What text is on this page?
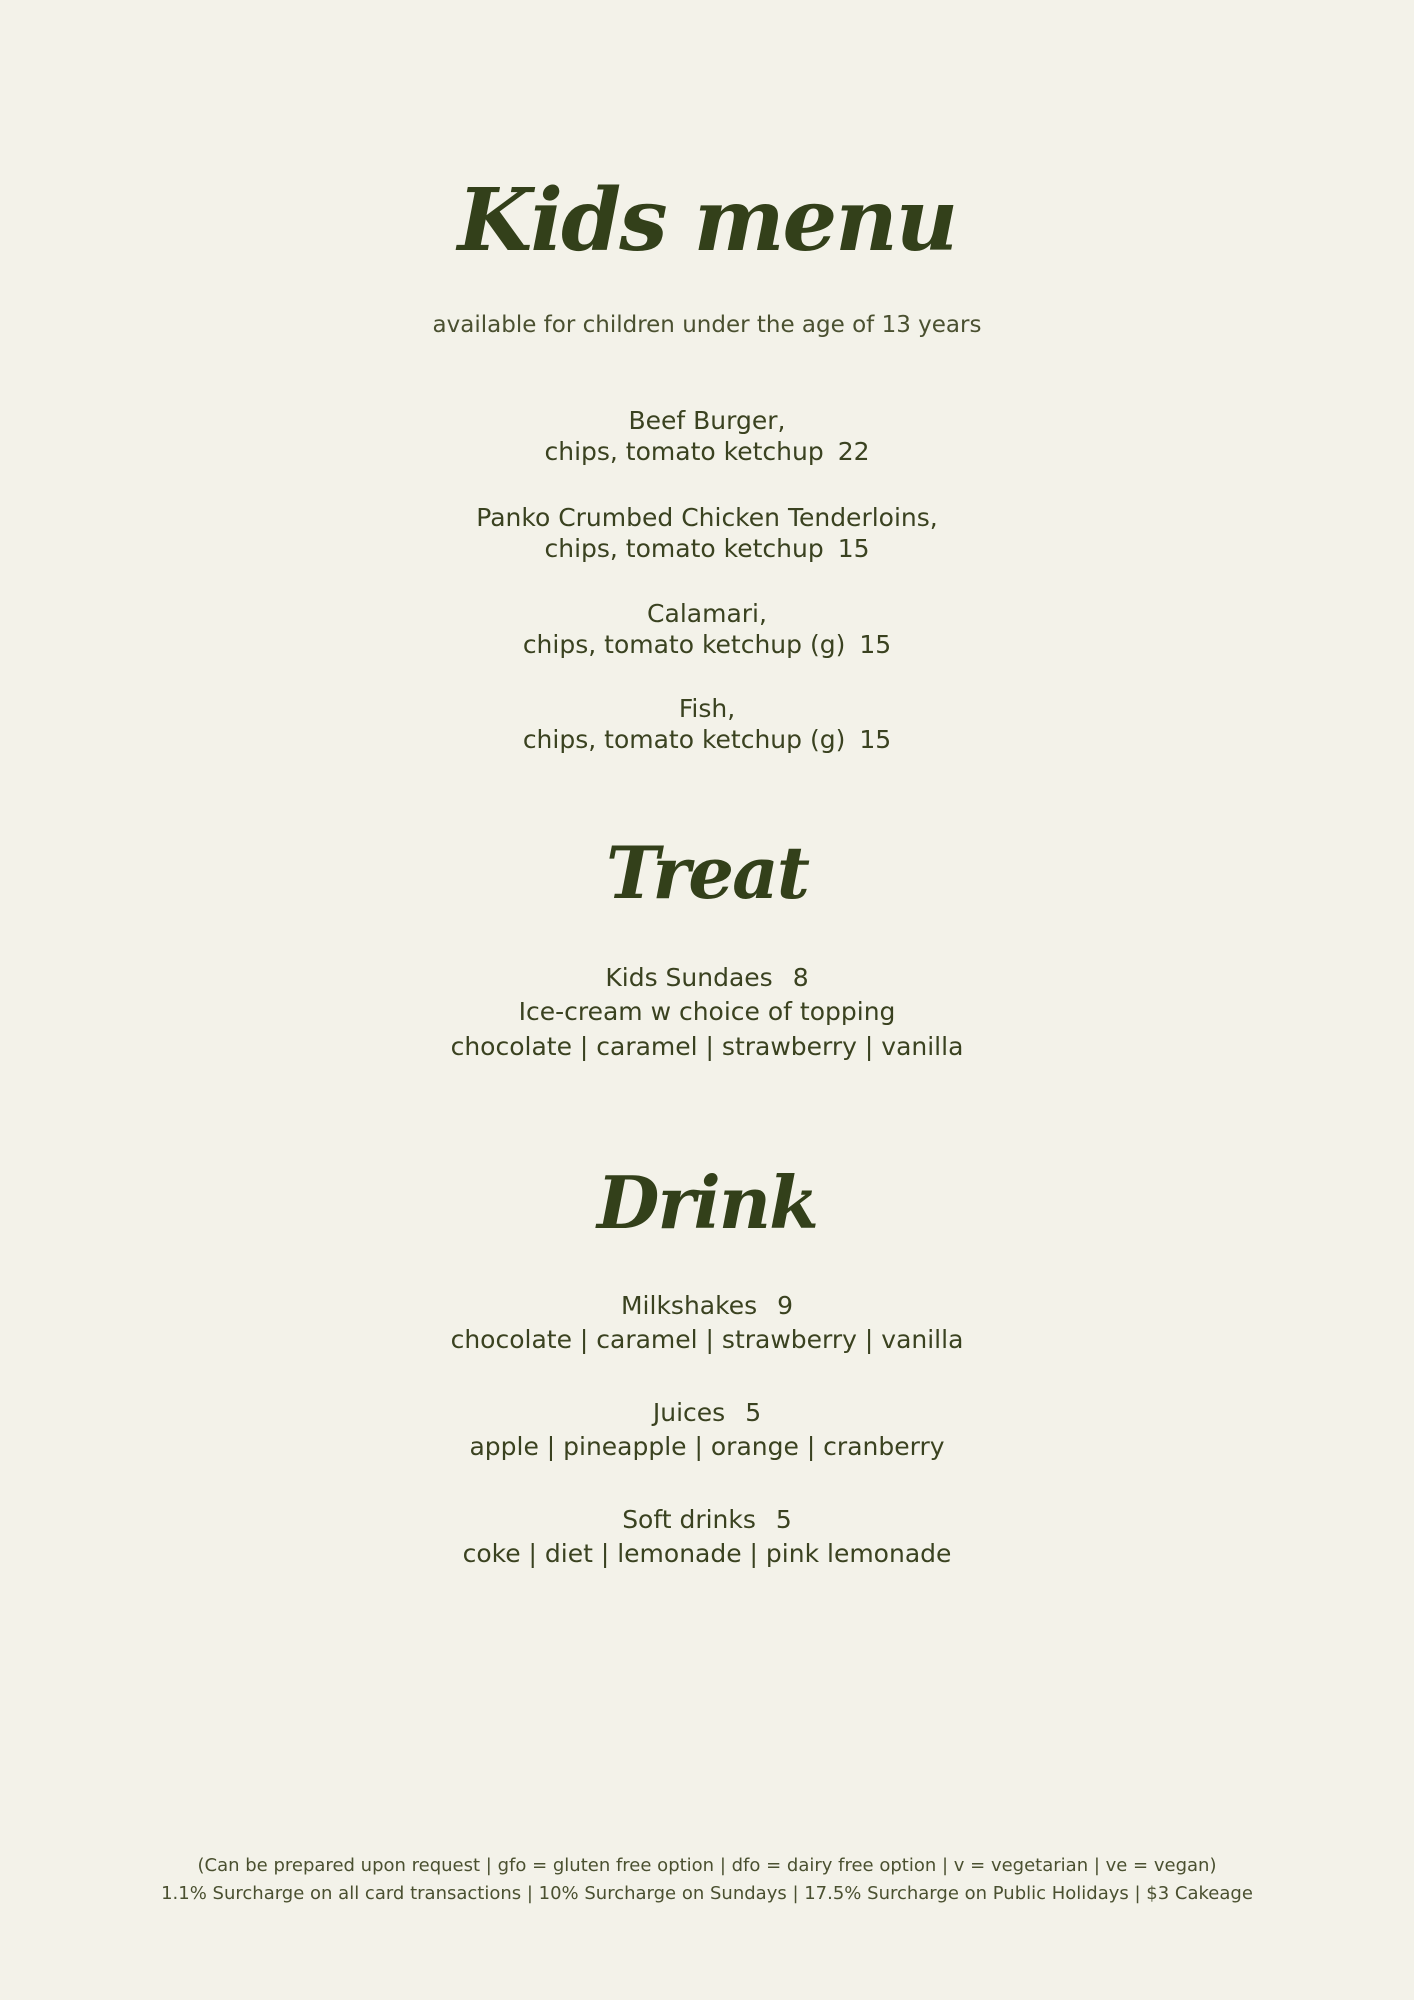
Kids menu
available for children under the age of 13 years
Beef Burger,
chips, tomato ketchup 22
Panko Crumbed Chicken Tenderloins,
chips, tomato ketchup 15
Calamari,
chips, tomato ketchup (g) 15
Fish,
chips, tomato ketchup (g) 15
Treat
Kids Sundaes 8
Ice-cream w choice of topping
chocolate | caramel | strawberry | vanilla
Drink
Milkshakes 9
chocolate | caramel | strawberry | vanilla
Juices 5
apple | pineapple | orange | cranberry
Soft drinks 5
coke | diet | lemonade | pink lemonade
(Can be prepared upon request | gfo = gluten free option | dfo = dairy free option | v = vegetarian | ve = vegan)
1.1% Surcharge on all card transactions | 10% Surcharge on Sundays | 17.5% Surcharge on Public Holidays | $3 Cakeage
